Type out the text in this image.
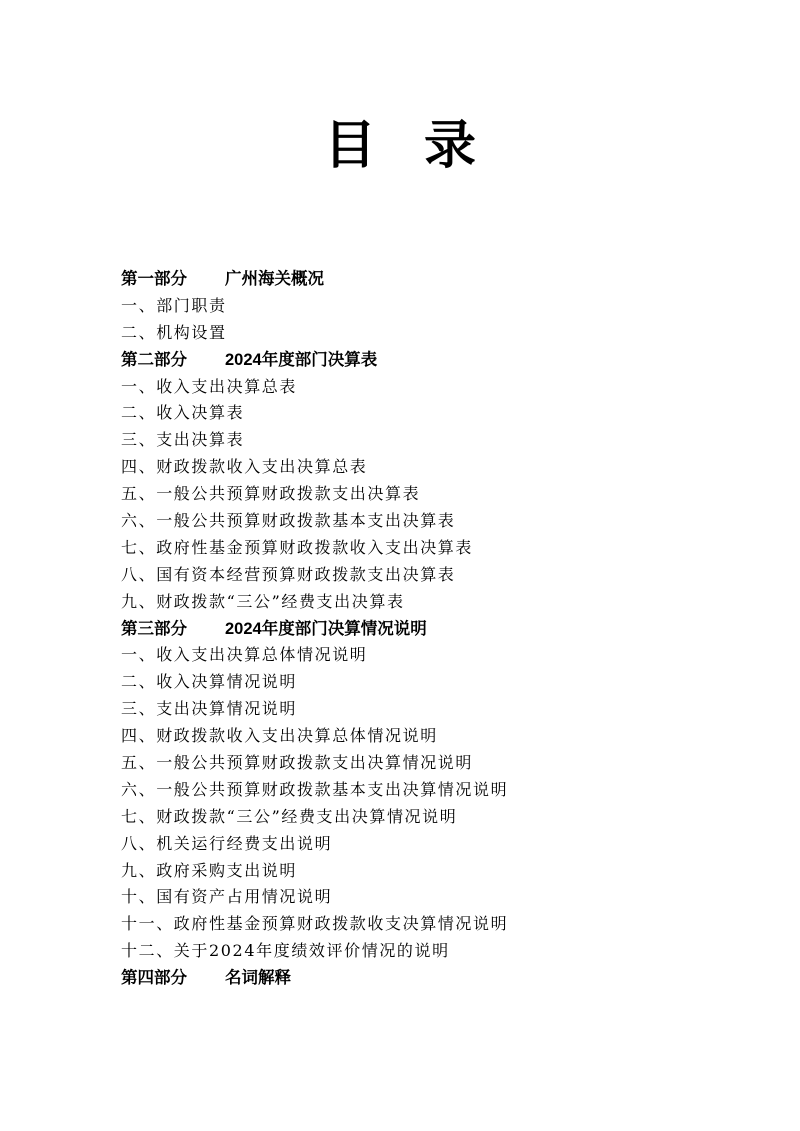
目 录
第一部分 广州海关概况
一、部门职责
二、机构设置
第二部分 2024年度部门决算表
一、收入支出决算总表
二、收入决算表
三、支出决算表
四、财政拨款收入支出决算总表
五、一般公共预算财政拨款支出决算表
六、一般公共预算财政拨款基本支出决算表
七、政府性基金预算财政拨款收入支出决算表
八、国有资本经营预算财政拨款支出决算表
九、财政拨款“三公”经费支出决算表
第三部分 2024年度部门决算情况说明
一、收入支出决算总体情况说明
二、收入决算情况说明
三、支出决算情况说明
四、财政拨款收入支出决算总体情况说明
五、一般公共预算财政拨款支出决算情况说明
六、一般公共预算财政拨款基本支出决算情况说明
七、财政拨款“三公”经费支出决算情况说明
八、机关运行经费支出说明
九、政府采购支出说明
十、国有资产占用情况说明
十一、政府性基金预算财政拨款收支决算情况说明
十二、关于2024年度绩效评价情况的说明
第四部分 名词解释
